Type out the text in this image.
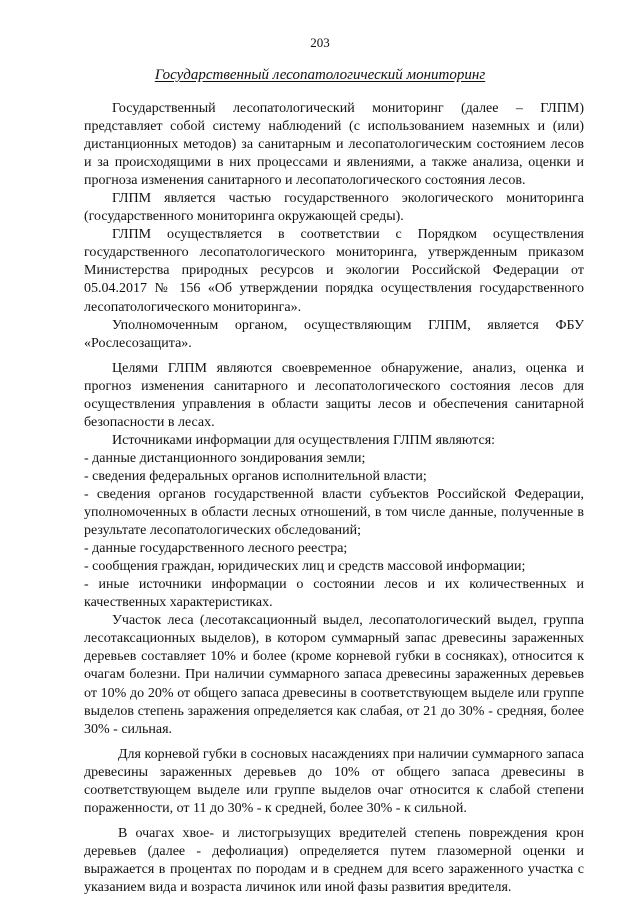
203
Государственный лесопатологический мониторинг

Государственный лесопатологический мониторинг (далее – ГЛПМ) представляет собой систему наблюдений (с использованием наземных и (или) дистанционных методов) за санитарным и лесопатологическим состоянием лесов и за происходящими в них процессами и явлениями, а также анализа, оценки и прогноза изменения санитарного и лесопатологического состояния лесов.

ГЛПМ является частью государственного экологического мониторинга (государственного мониторинга окружающей среды).

ГЛПМ осуществляется в соответствии с Порядком осуществления государственного лесопатологического мониторинга, утвержденным приказом Министерства природных ресурсов и экологии Российской Федерации от 05.04.2017 № 156 «Об утверждении порядка осуществления государственного лесопатологического мониторинга».

Уполномоченным органом, осуществляющим ГЛПМ, является ФБУ «Рослесозащита».

Целями ГЛПМ являются своевременное обнаружение, анализ, оценка и прогноз изменения санитарного и лесопатологического состояния лесов для осуществления управления в области защиты лесов и обеспечения санитарной безопасности в лесах.

Источниками информации для осуществления ГЛПМ являются:

- данные дистанционного зондирования земли;

- сведения федеральных органов исполнительной власти;

- сведения органов государственной власти субъектов Российской Федерации, уполномоченных в области лесных отношений, в том числе данные, полученные в результате лесопатологических обследований;

- данные государственного лесного реестра;

- сообщения граждан, юридических лиц и средств массовой информации;

- иные источники информации о состоянии лесов и их количественных и качественных характеристиках.

Участок леса (лесотаксационный выдел, лесопатологический выдел, группа лесотаксационных выделов), в котором суммарный запас древесины зараженных деревьев составляет 10% и более (кроме корневой губки в сосняках), относится к очагам болезни. При наличии суммарного запаса древесины зараженных деревьев от 10% до 20% от общего запаса древесины в соответствующем выделе или группе выделов степень заражения определяется как слабая, от 21 до 30% - средняя, более 30% - сильная.

Для корневой губки в сосновых насаждениях при наличии суммарного запаса древесины зараженных деревьев до 10% от общего запаса древесины в соответствующем выделе или группе выделов очаг относится к слабой степени пораженности, от 11 до 30% - к средней, более 30% - к сильной.

В очагах хвое- и листогрызущих вредителей степень повреждения крон деревьев (далее - дефолиация) определяется путем глазомерной оценки и выражается в процентах по породам и в среднем для всего зараженного участка с указанием вида и возраста личинок или иной фазы развития вредителя.
